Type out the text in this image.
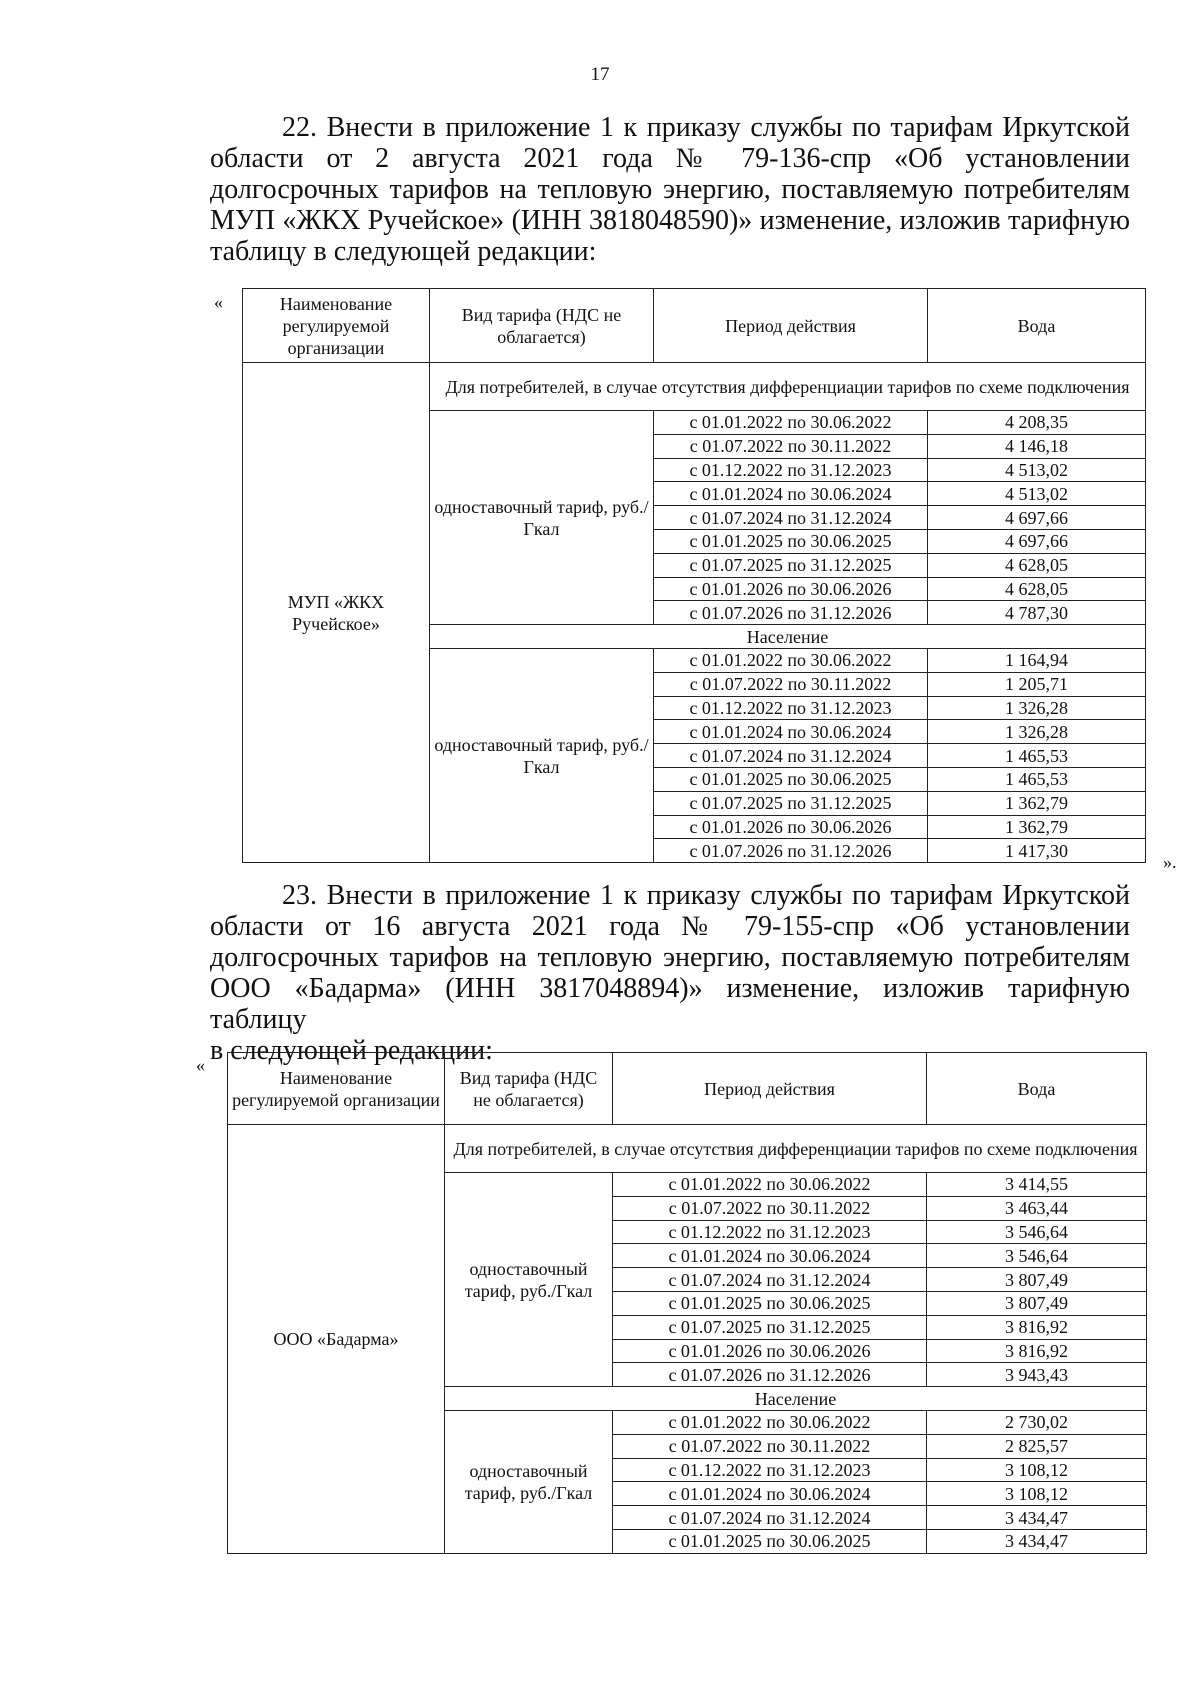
17

22. Внести в приложение 1 к приказу службы по тарифам Иркутской
области от 2 августа 2021 года № 79-136-спр «Об установлении
долгосрочных тарифов на тепловую энергию, поставляемую потребителям
МУП «ЖКХ Ручейское» (ИНН 3818048590)» изменение, изложив тарифную
таблицу в следующей редакции:

«
».
Наименование регулируемой организации	Вид тарифа (НДС не облагается)	Период действия	Вода
МУП «ЖКХ Ручейское»	Для потребителей, в случае отсутствия дифференциации тарифов по схеме подключения		
	одноставочный тариф, руб./Гкал	с 01.01.2022 по 30.06.2022	4 208,35
		с 01.07.2022 по 30.11.2022	4 146,18
		с 01.12.2022 по 31.12.2023	4 513,02
		с 01.01.2024 по 30.06.2024	4 513,02
		с 01.07.2024 по 31.12.2024	4 697,66
		с 01.01.2025 по 30.06.2025	4 697,66
		с 01.07.2025 по 31.12.2025	4 628,05
		с 01.01.2026 по 30.06.2026	4 628,05
		с 01.07.2026 по 31.12.2026	4 787,30
	Население		
	одноставочный тариф, руб./Гкал	с 01.01.2022 по 30.06.2022	1 164,94
		с 01.07.2022 по 30.11.2022	1 205,71
		с 01.12.2022 по 31.12.2023	1 326,28
		с 01.01.2024 по 30.06.2024	1 326,28
		с 01.07.2024 по 31.12.2024	1 465,53
		с 01.01.2025 по 30.06.2025	1 465,53
		с 01.07.2025 по 31.12.2025	1 362,79
		с 01.01.2026 по 30.06.2026	1 362,79
		с 01.07.2026 по 31.12.2026	1 417,30

23. Внести в приложение 1 к приказу службы по тарифам Иркутской
области от 16 августа 2021 года № 79-155-спр «Об установлении
долгосрочных тарифов на тепловую энергию, поставляемую потребителям
ООО «Бадарма» (ИНН 3817048894)» изменение, изложив тарифную таблицу
в следующей редакции:

«
Наименование регулируемой организации	Вид тарифа (НДС не облагается)	Период действия	Вода
ООО «Бадарма»	Для потребителей, в случае отсутствия дифференциации тарифов по схеме подключения		
	одноставочный тариф, руб./Гкал	с 01.01.2022 по 30.06.2022	3 414,55
		с 01.07.2022 по 30.11.2022	3 463,44
		с 01.12.2022 по 31.12.2023	3 546,64
		с 01.01.2024 по 30.06.2024	3 546,64
		с 01.07.2024 по 31.12.2024	3 807,49
		с 01.01.2025 по 30.06.2025	3 807,49
		с 01.07.2025 по 31.12.2025	3 816,92
		с 01.01.2026 по 30.06.2026	3 816,92
		с 01.07.2026 по 31.12.2026	3 943,43
	Население		
	одноставочный тариф, руб./Гкал	с 01.01.2022 по 30.06.2022	2 730,02
		с 01.07.2022 по 30.11.2022	2 825,57
		с 01.12.2022 по 31.12.2023	3 108,12
		с 01.01.2024 по 30.06.2024	3 108,12
		с 01.07.2024 по 31.12.2024	3 434,47
		с 01.01.2025 по 30.06.2025	3 434,47
